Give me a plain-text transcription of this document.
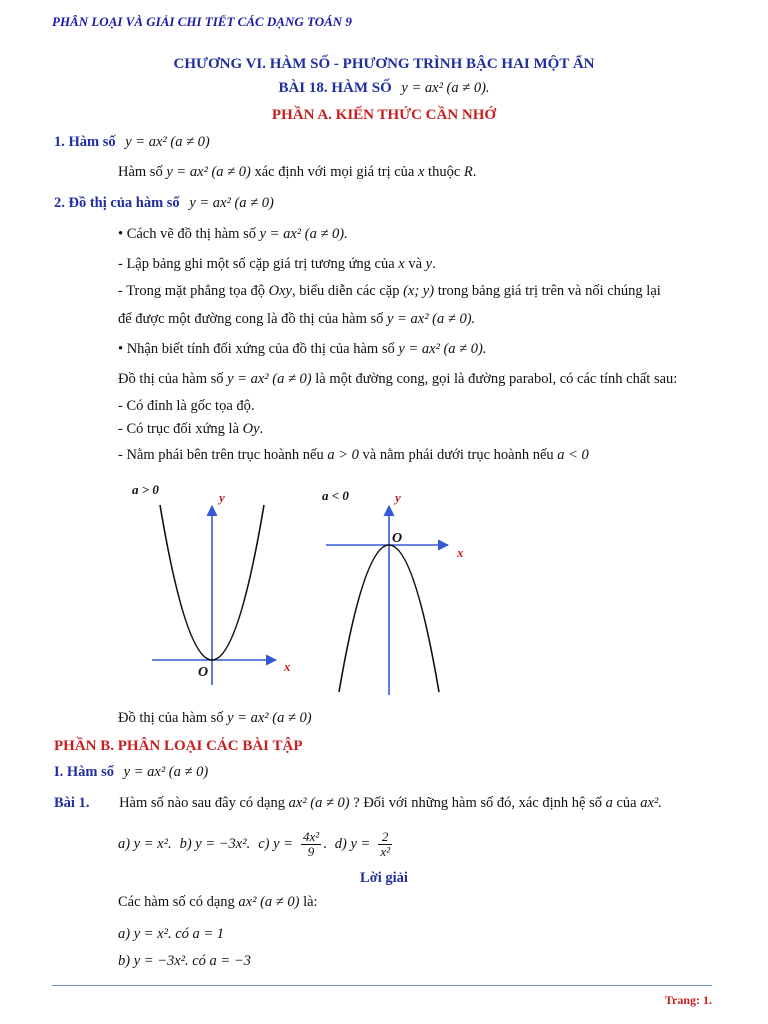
PHÂN LOẠI VÀ GIẢI CHI TIẾT CÁC DẠNG TOÁN 9
CHƯƠNG VI. HÀM SỐ - PHƯƠNG TRÌNH BẬC HAI MỘT ẨN
BÀI 18. HÀM SỐ y = ax² (a ≠ 0).
PHẦN A. KIẾN THỨC CẦN NHỚ
1. Hàm số y = ax² (a ≠ 0)
Hàm số y = ax² (a ≠ 0) xác định với mọi giá trị của x thuộc R.
2. Đồ thị của hàm số y = ax² (a ≠ 0)
• Cách vẽ đồ thị hàm số y = ax² (a ≠ 0).
- Lập bảng ghi một số cặp giá trị tương ứng của x và y.
- Trong mặt phẳng tọa độ Oxy, biểu diễn các cặp (x; y) trong bảng giá trị trên và nối chúng lại
để được một đường cong là đồ thị của hàm số y = ax² (a ≠ 0).
• Nhận biết tính đối xứng của đồ thị của hàm số y = ax² (a ≠ 0).
Đồ thị của hàm số y = ax² (a ≠ 0) là một đường cong, gọi là đường parabol, có các tính chất sau:
- Có đỉnh là gốc tọa độ.
- Có trục đối xứng là Oy.
- Nằm phái bên trên trục hoành nếu a > 0 và nằm phái dưới trục hoành nếu a < 0
a > 0
y
x
O
a < 0	y
x
O
Đồ thị của hàm số y = ax² (a ≠ 0)
PHẦN B. PHÂN LOẠI CÁC BÀI TẬP
I. Hàm số y = ax² (a ≠ 0)
Bài 1. Hàm số nào sau đây có dạng ax² (a ≠ 0) ? Đối với những hàm số đó, xác định hệ số a của ax².
a) y = x². b) y = −3x². c) $y = \frac{\text{4x²}}{9}$ . d) $y = \frac{2}{\text{x²}}$
Lời giải
Các hàm số có dạng ax² (a ≠ 0) là:
a) y = x². có a = 1
b) y = −3x². có a = −3
Trang: 1.
